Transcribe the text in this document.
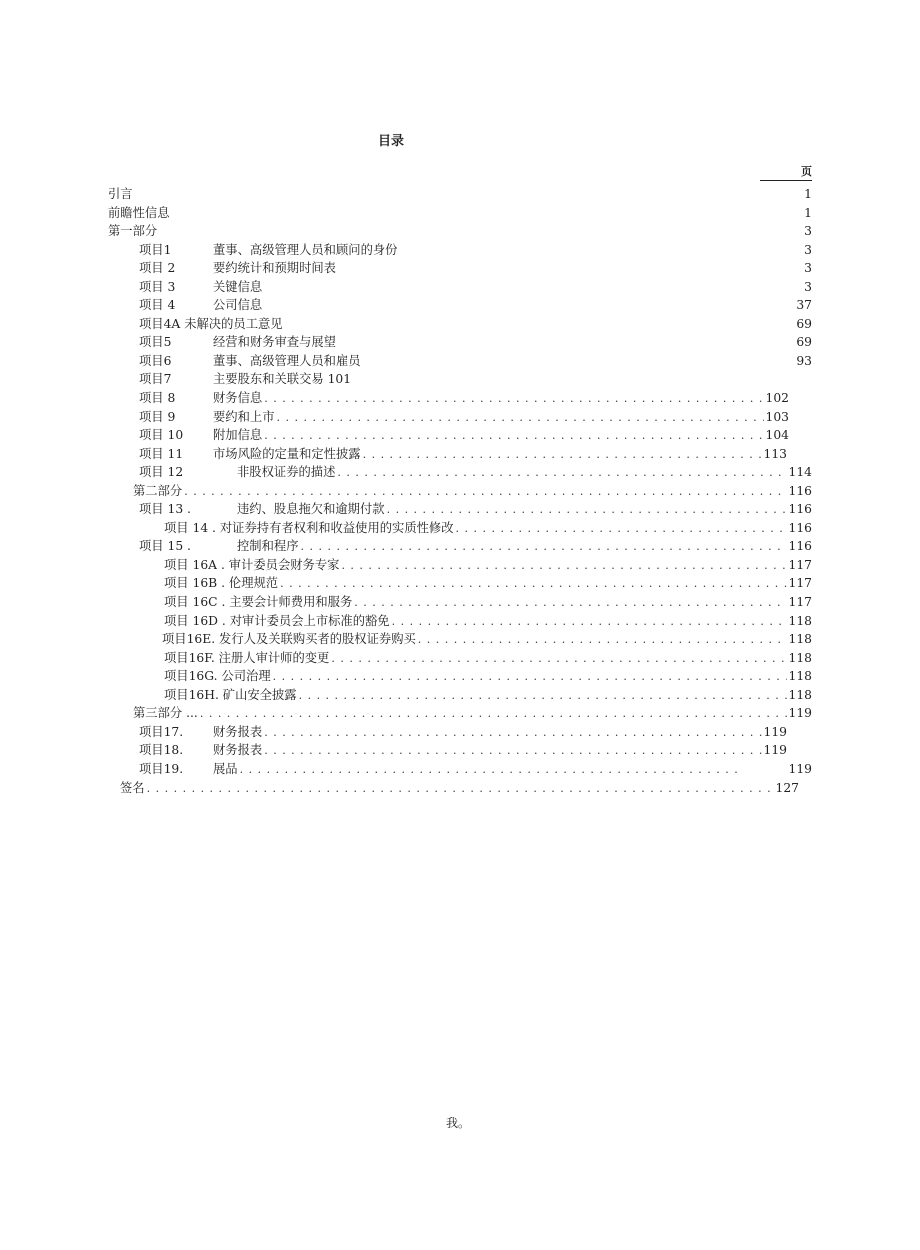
目录
页
引言	1
前瞻性信息	1
第一部分	3
项目1	董事、高级管理人员和顾问的身份	3
项目 2	要约统计和预期时间表	3
项目 3	关键信息	3
项目 4	公司信息	37
项目4A 未解决的员工意见	69
项目5	经营和财务审查与展望	69
项目6	董事、高级管理人员和雇员	93
项目7	主要股东和关联交易 101
项目 8	财务信息 . . .	102
项目 9	要约和上市 . . .	103
项目 10 附加信息 . . .	104
项目 11 市场风险的定量和定性披露 . . .	113
项目 12	非股权证券的描述 . . .	114
第二部分 . . .	116
项目 13 .	违约、股息拖欠和逾期付款 . . .	116
项目 14 . 对证券持有者权利和收益使用的实质性修改 . . .	116
项目 15 .	控制和程序 . . .	116
项目 16A . 审计委员会财务专家 . . .	117
项目 16B . 伦理规范 . . .	117
项目 16C . 主要会计师费用和服务 . . .	117
项目 16D . 对审计委员会上市标准的豁免 . . .	118
项目16E. 发行人及关联购买者的股权证券购买 . . .	118
项目16F. 注册人审计师的变更 . . .	118
项目16G. 公司治理 . . .	118
项目16H. 矿山安全披露 . . .	118
第三部分 ... . . .	119
项目17. 财务报表 . . .	119
项目18. 财务报表 . . .	119
项目19. 展品 . . .	119
签名 . . .	127
我。
